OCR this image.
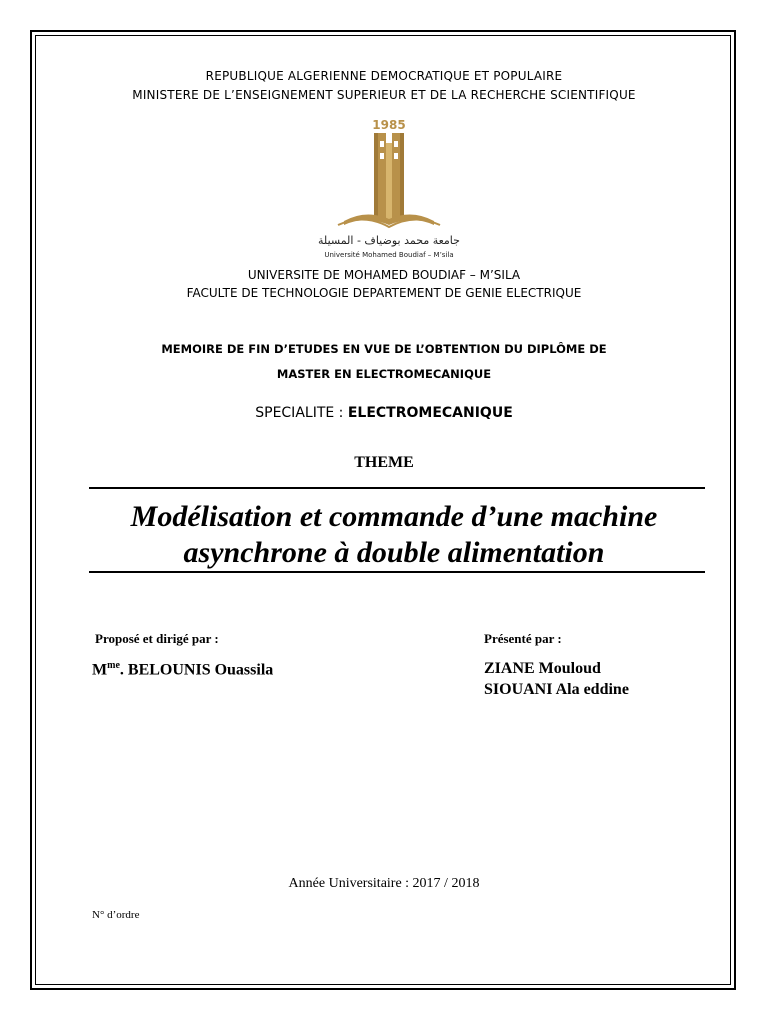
REPUBLIQUE ALGERIENNE DEMOCRATIQUE ET POPULAIRE
MINISTERE DE L’ENSEIGNEMENT SUPERIEUR ET DE LA RECHERCHE SCIENTIFIQUE
1985
جامعة محمد بوضياف - المسيلة
Université Mohamed Boudiaf – M’sila
UNIVERSITE DE MOHAMED BOUDIAF – M’SILA
FACULTE DE TECHNOLOGIE DEPARTEMENT DE GENIE ELECTRIQUE
MEMOIRE DE FIN D’ETUDES EN VUE DE L’OBTENTION DU DIPLÔME DE
MASTER EN ELECTROMECANIQUE
SPECIALITE : ELECTROMECANIQUE
THEME
Modélisation et commande d’une machine
asynchrone à double alimentation
Proposé et dirigé par :	Présenté par :
$M^{me}$. BELOUNIS Ouassila	ZIANE Mouloud
SIOUANI Ala eddine
Année Universitaire : 2017 / 2018
N° d’ordre
